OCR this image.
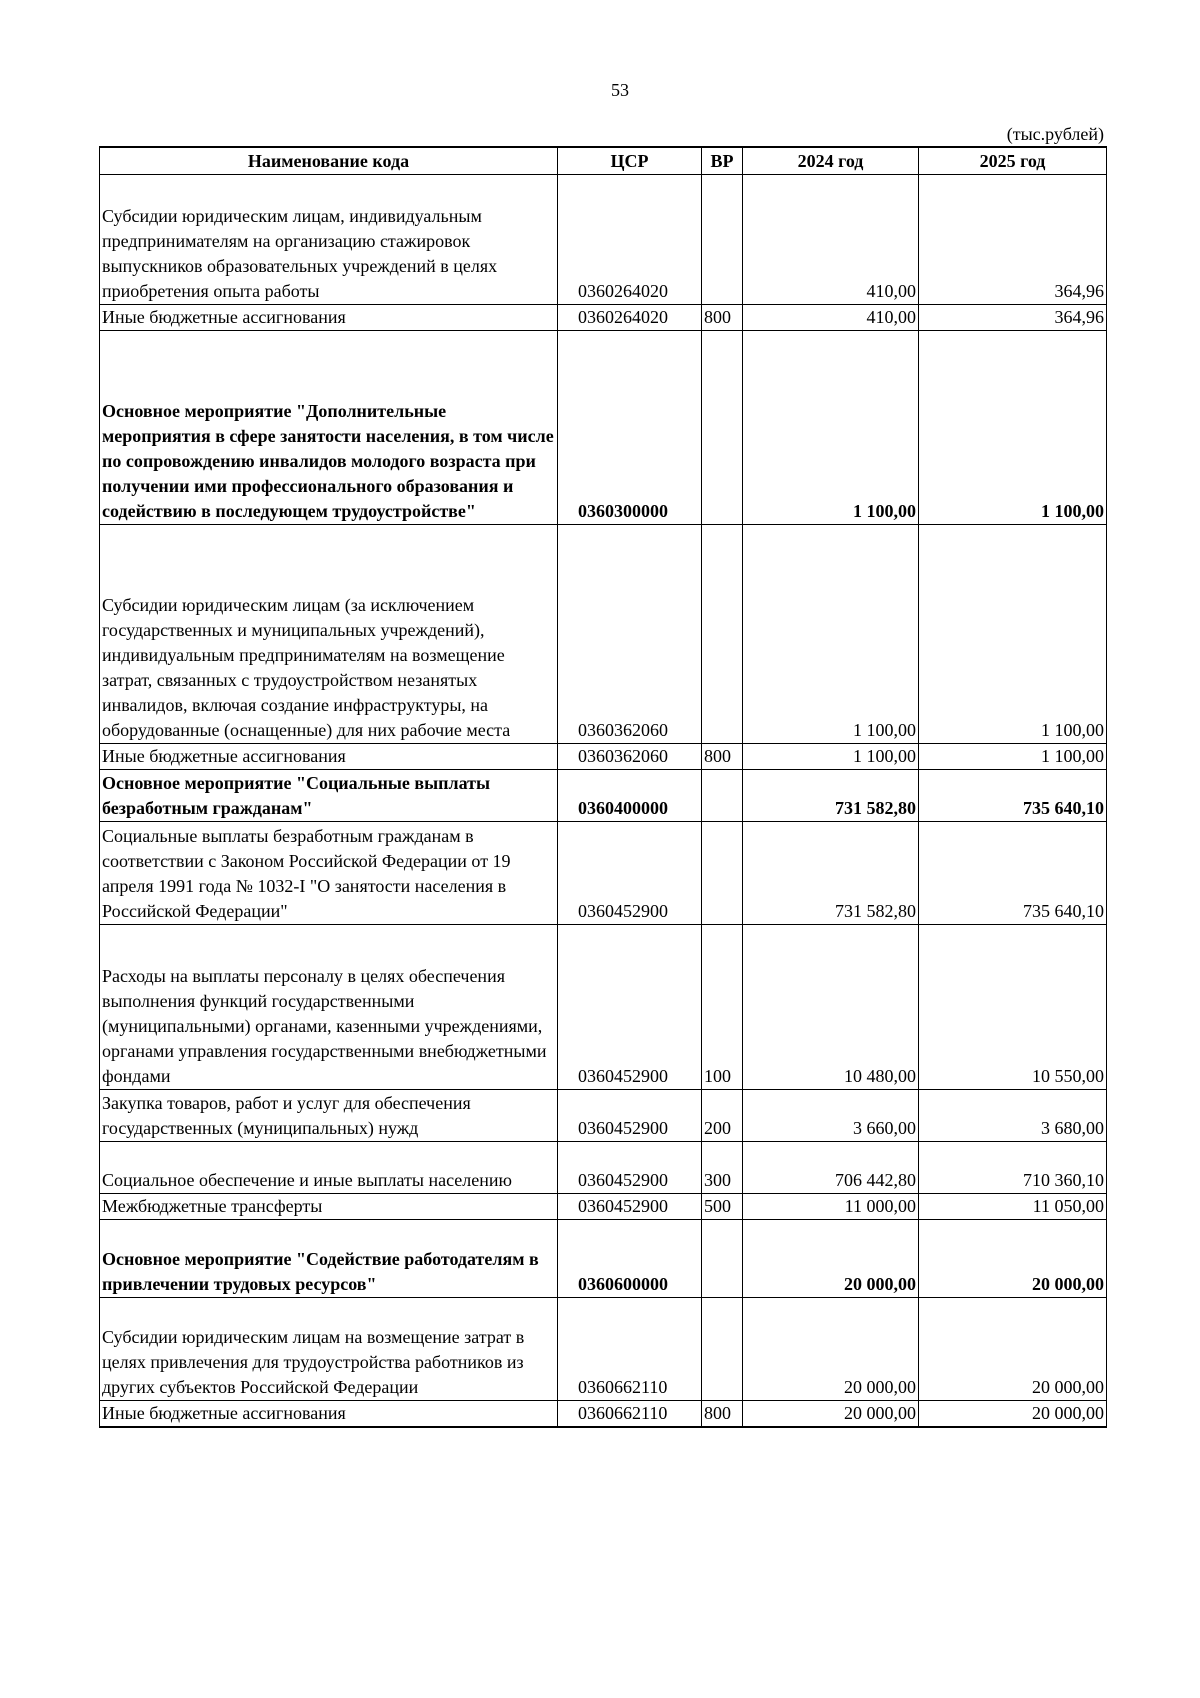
53
(тыс.рублей)
Наименование кода	ЦСР	ВР	2024 год	2025 год
Субсидии юридическим лицам, индивидуальным предпринимателям на организацию стажировок выпускников образовательных учреждений в целях приобретения опыта работы	0360264020		410,00	364,96
Иные бюджетные ассигнования	0360264020	800	410,00	364,96
Основное мероприятие "Дополнительные мероприятия в сфере занятости населения, в том числе по сопровождению инвалидов молодого возраста при получении ими профессионального образования и содействию в последующем трудоустройстве"	0360300000		1 100,00	1 100,00
Субсидии юридическим лицам (за исключением государственных и муниципальных учреждений), индивидуальным предпринимателям на возмещение затрат, связанных с трудоустройством незанятых инвалидов, включая создание инфраструктуры, на оборудованные (оснащенные) для них рабочие места	0360362060		1 100,00	1 100,00
Иные бюджетные ассигнования	0360362060	800	1 100,00	1 100,00
Основное мероприятие "Социальные выплаты безработным гражданам"	0360400000		731 582,80	735 640,10
Социальные выплаты безработным гражданам в соответствии с Законом Российской Федерации от 19 апреля 1991 года № 1032-I "О занятости населения в Российской Федерации"	0360452900		731 582,80	735 640,10
Расходы на выплаты персоналу в целях обеспечения выполнения функций государственными (муниципальными) органами, казенными учреждениями, органами управления государственными внебюджетными фондами	0360452900	100	10 480,00	10 550,00
Закупка товаров, работ и услуг для обеспечения государственных (муниципальных) нужд	0360452900	200	3 660,00	3 680,00
Социальное обеспечение и иные выплаты населению	0360452900	300	706 442,80	710 360,10
Межбюджетные трансферты	0360452900	500	11 000,00	11 050,00
Основное мероприятие "Содействие работодателям в привлечении трудовых ресурсов"	0360600000		20 000,00	20 000,00
Субсидии юридическим лицам на возмещение затрат в целях привлечения для трудоустройства работников из других субъектов Российской Федерации	0360662110		20 000,00	20 000,00
Иные бюджетные ассигнования	0360662110	800	20 000,00	20 000,00
